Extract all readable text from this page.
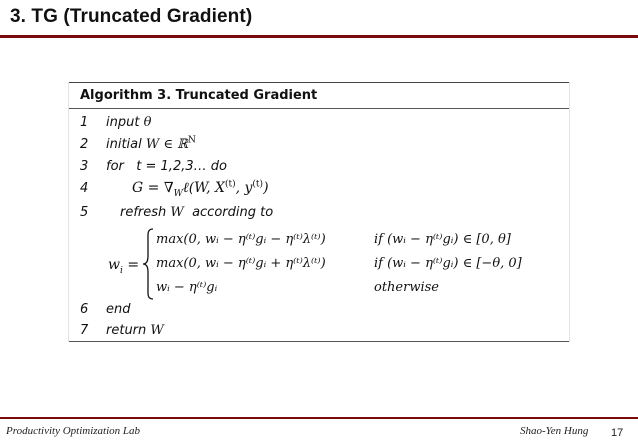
3. TG (Truncated Gradient)
Algorithm 3. Truncated Gradient
1 input θ
2 initial W ∈ ℝ$^N$
3 for t = 1,2,3… do
4	$G = \nabla_W\ell(W$, $X^{(t)}$, $y^{(t)}$)
5 refresh W according to
$w_i$ =
max⁡(0, wᵢ − η⁽ᵗ⁾gᵢ − η⁽ᵗ⁾λ⁽ᵗ⁾)	if (wᵢ − η⁽ᵗ⁾gᵢ) ∈ [0, θ]
max⁡(0, wᵢ − η⁽ᵗ⁾gᵢ + η⁽ᵗ⁾λ⁽ᵗ⁾)	if (wᵢ − η⁽ᵗ⁾gᵢ) ∈ [−θ, 0]
wᵢ − η⁽ᵗ⁾gᵢ	otherwise
6 end
7 return W
Productivity Optimization Lab	Shao-Yen Hung 17
